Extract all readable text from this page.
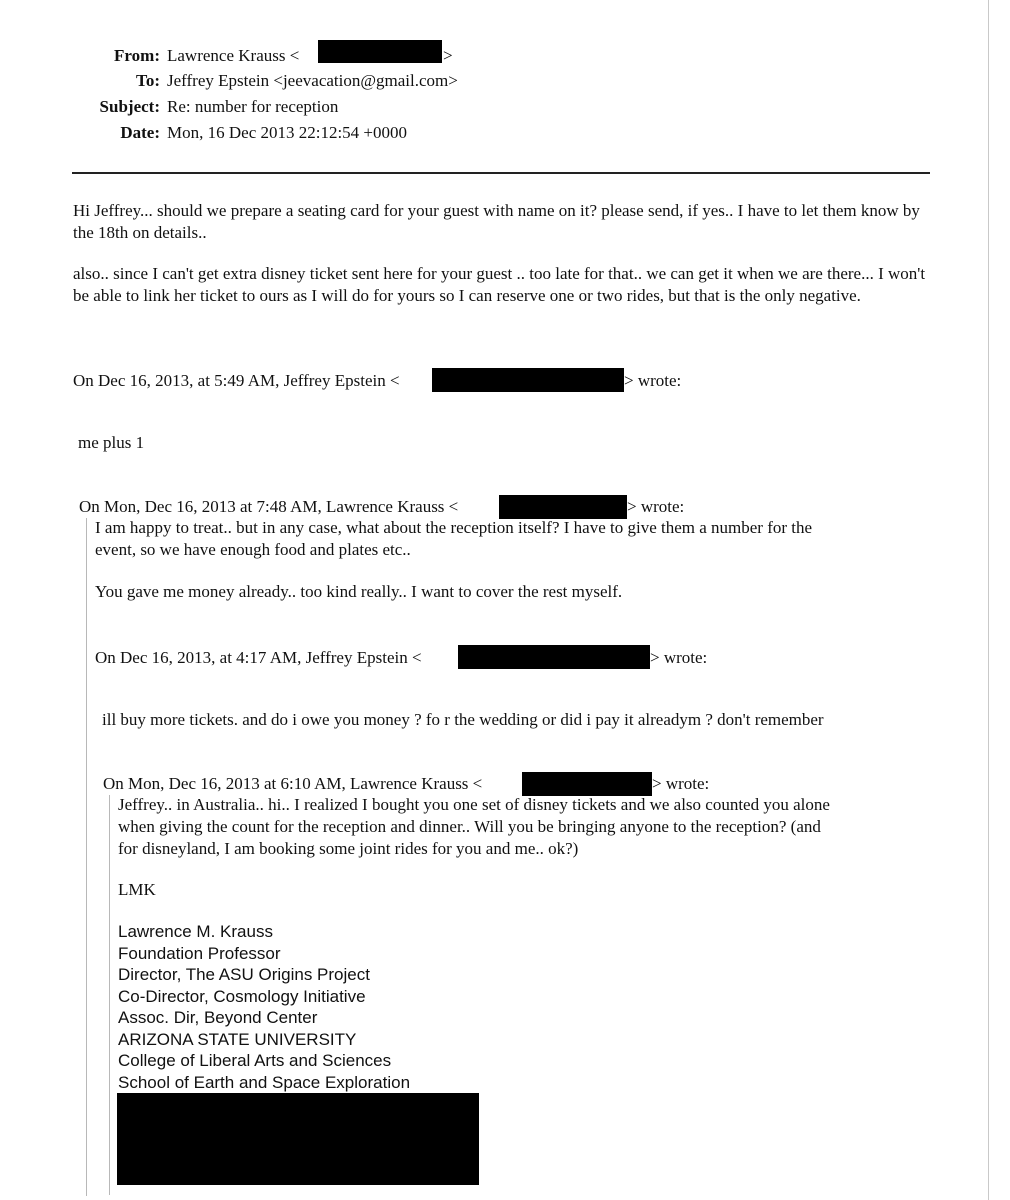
From: Lawrence Krauss <	>
To: Jeffrey Epstein <jeevacation@gmail.com>
Subject: Re: number for reception
Date: Mon, 16 Dec 2013 22:12:54 +0000
Hi Jeffrey... should we prepare a seating card for your guest with name on it? please send, if yes.. I have to let them know by the 18th on details..
also.. since I can't get extra disney ticket sent here for your guest .. too late for that.. we can get it when we are there... I won't be able to link her ticket to ours as I will do for yours so I can reserve one or two rides, but that is the only negative.
On Dec 16, 2013, at 5:49 AM, Jeffrey Epstein <	> wrote:
me plus 1
On Mon, Dec 16, 2013 at 7:48 AM, Lawrence Krauss <	> wrote:
I am happy to treat.. but in any case, what about the reception itself? I have to give them a number for the
event, so we have enough food and plates etc..
You gave me money already.. too kind really.. I want to cover the rest myself.
On Dec 16, 2013, at 4:17 AM, Jeffrey Epstein <	> wrote:
ill buy more tickets. and do i owe you money ? fo r the wedding or did i pay it alreadym ? don't remember
On Mon, Dec 16, 2013 at 6:10 AM, Lawrence Krauss <	> wrote:
Jeffrey.. in Australia.. hi.. I realized I bought you one set of disney tickets and we also counted you alone
when giving the count for the reception and dinner.. Will you be bringing anyone to the reception? (and
for disneyland, I am booking some joint rides for you and me.. ok?)
LMK
Lawrence M. Krauss
Foundation Professor
Director, The ASU Origins Project
Co-Director, Cosmology Initiative
Assoc. Dir, Beyond Center
ARIZONA STATE UNIVERSITY
College of Liberal Arts and Sciences
School of Earth and Space Exploration
